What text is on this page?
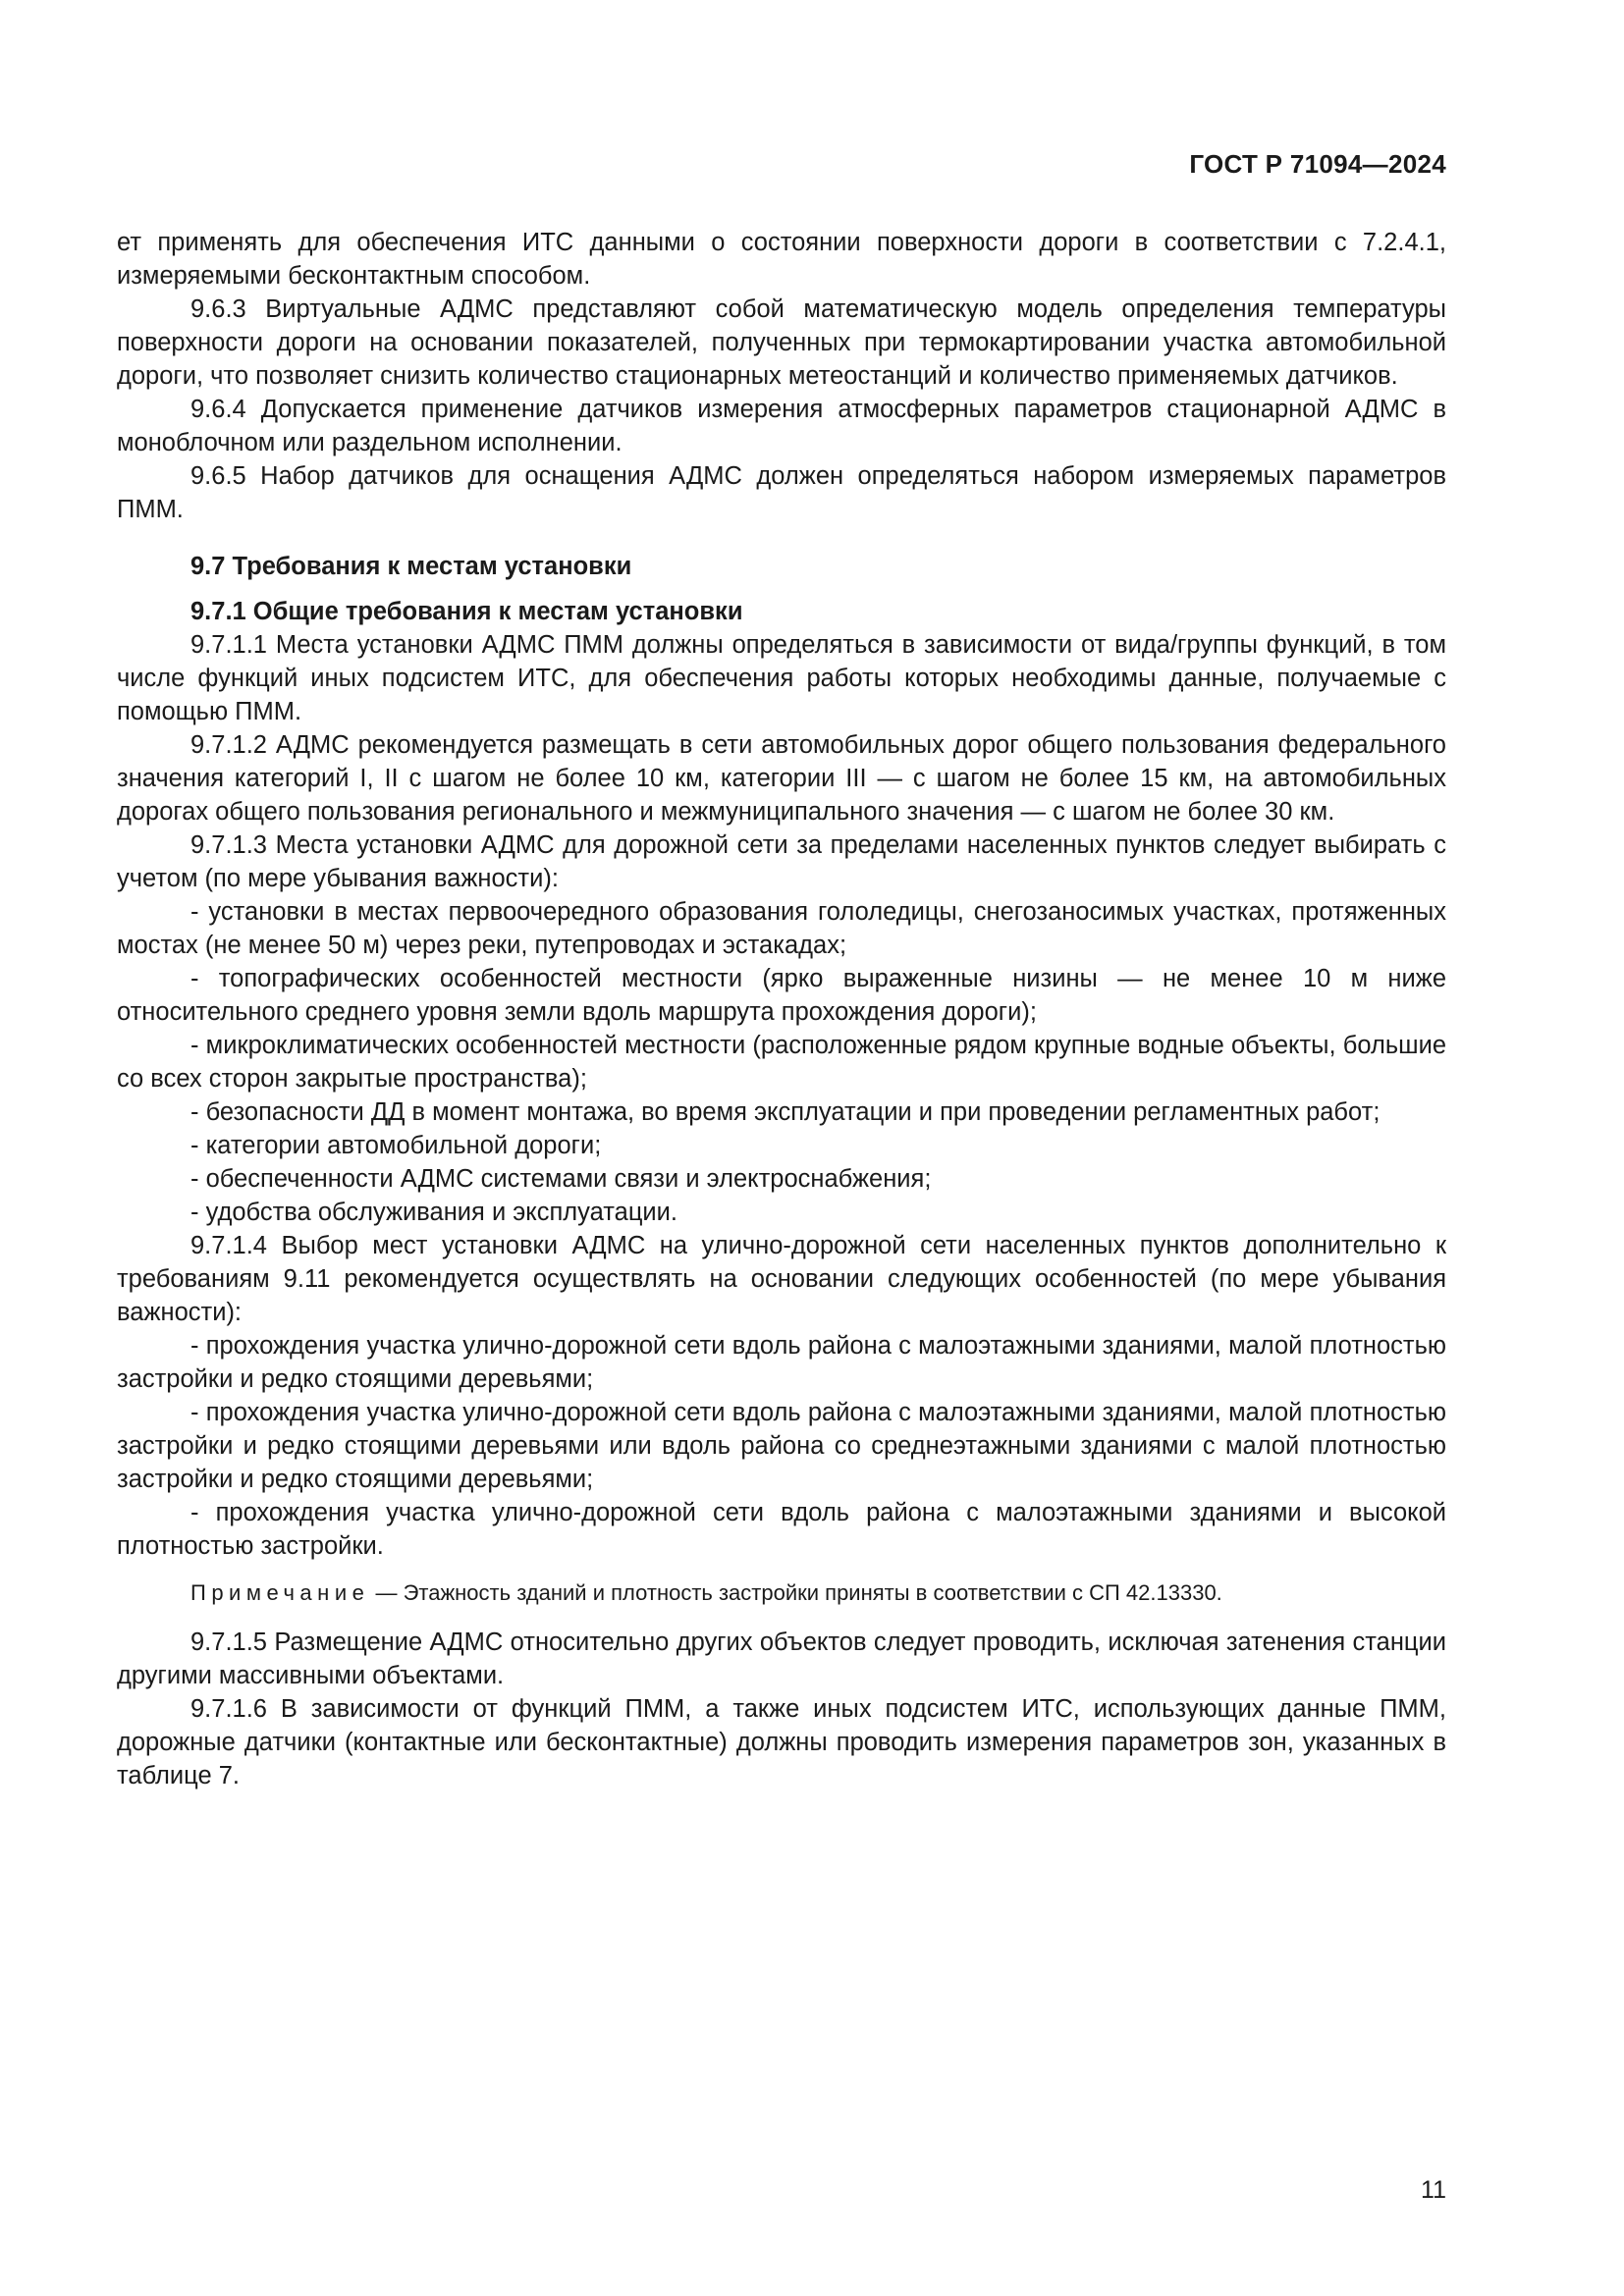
ГОСТ Р 71094—2024

ет применять для обеспечения ИТС данными о состоянии поверхности дороги в соответствии с 7.2.4.1, измеряемыми бесконтактным способом.

9.6.3 Виртуальные АДМС представляют собой математическую модель определения температуры поверхности дороги на основании показателей, полученных при термокартировании участка автомобильной дороги, что позволяет снизить количество стационарных метеостанций и количество применяемых датчиков.

9.6.4 Допускается применение датчиков измерения атмосферных параметров стационарной АДМС в моноблочном или раздельном исполнении.

9.6.5 Набор датчиков для оснащения АДМС должен определяться набором измеряемых параметров ПММ.

9.7 Требования к местам установки
9.7.1 Общие требования к местам установки

9.7.1.1 Места установки АДМС ПММ должны определяться в зависимости от вида/группы функций, в том числе функций иных подсистем ИТС, для обеспечения работы которых необходимы данные, получаемые с помощью ПММ.

9.7.1.2 АДМС рекомендуется размещать в сети автомобильных дорог общего пользования федерального значения категорий I, II с шагом не более 10 км, категории III — с шагом не более 15 км, на автомобильных дорогах общего пользования регионального и межмуниципального значения — с шагом не более 30 км.

9.7.1.3 Места установки АДМС для дорожной сети за пределами населенных пунктов следует выбирать с учетом (по мере убывания важности):

- установки в местах первоочередного образования гололедицы, снегозаносимых участках, протяженных мостах (не менее 50 м) через реки, путепроводах и эстакадах;

- топографических особенностей местности (ярко выраженные низины — не менее 10 м ниже относительного среднего уровня земли вдоль маршрута прохождения дороги);

- микроклиматических особенностей местности (расположенные рядом крупные водные объекты, большие со всех сторон закрытые пространства);

- безопасности ДД в момент монтажа, во время эксплуатации и при проведении регламентных работ;

- категории автомобильной дороги;

- обеспеченности АДМС системами связи и электроснабжения;

- удобства обслуживания и эксплуатации.

9.7.1.4 Выбор мест установки АДМС на улично-дорожной сети населенных пунктов дополнительно к требованиям 9.11 рекомендуется осуществлять на основании следующих особенностей (по мере убывания важности):

- прохождения участка улично-дорожной сети вдоль района с малоэтажными зданиями, малой плотностью застройки и редко стоящими деревьями;

- прохождения участка улично-дорожной сети вдоль района с малоэтажными зданиями, малой плотностью застройки и редко стоящими деревьями или вдоль района со среднеэтажными зданиями с малой плотностью застройки и редко стоящими деревьями;

- прохождения участка улично-дорожной сети вдоль района с малоэтажными зданиями и высокой плотностью застройки.

Примечание — Этажность зданий и плотность застройки приняты в соответствии с СП 42.13330.

9.7.1.5 Размещение АДМС относительно других объектов следует проводить, исключая затенения станции другими массивными объектами.

9.7.1.6 В зависимости от функций ПММ, а также иных подсистем ИТС, использующих данные ПММ, дорожные датчики (контактные или бесконтактные) должны проводить измерения параметров зон, указанных в таблице 7.

11
